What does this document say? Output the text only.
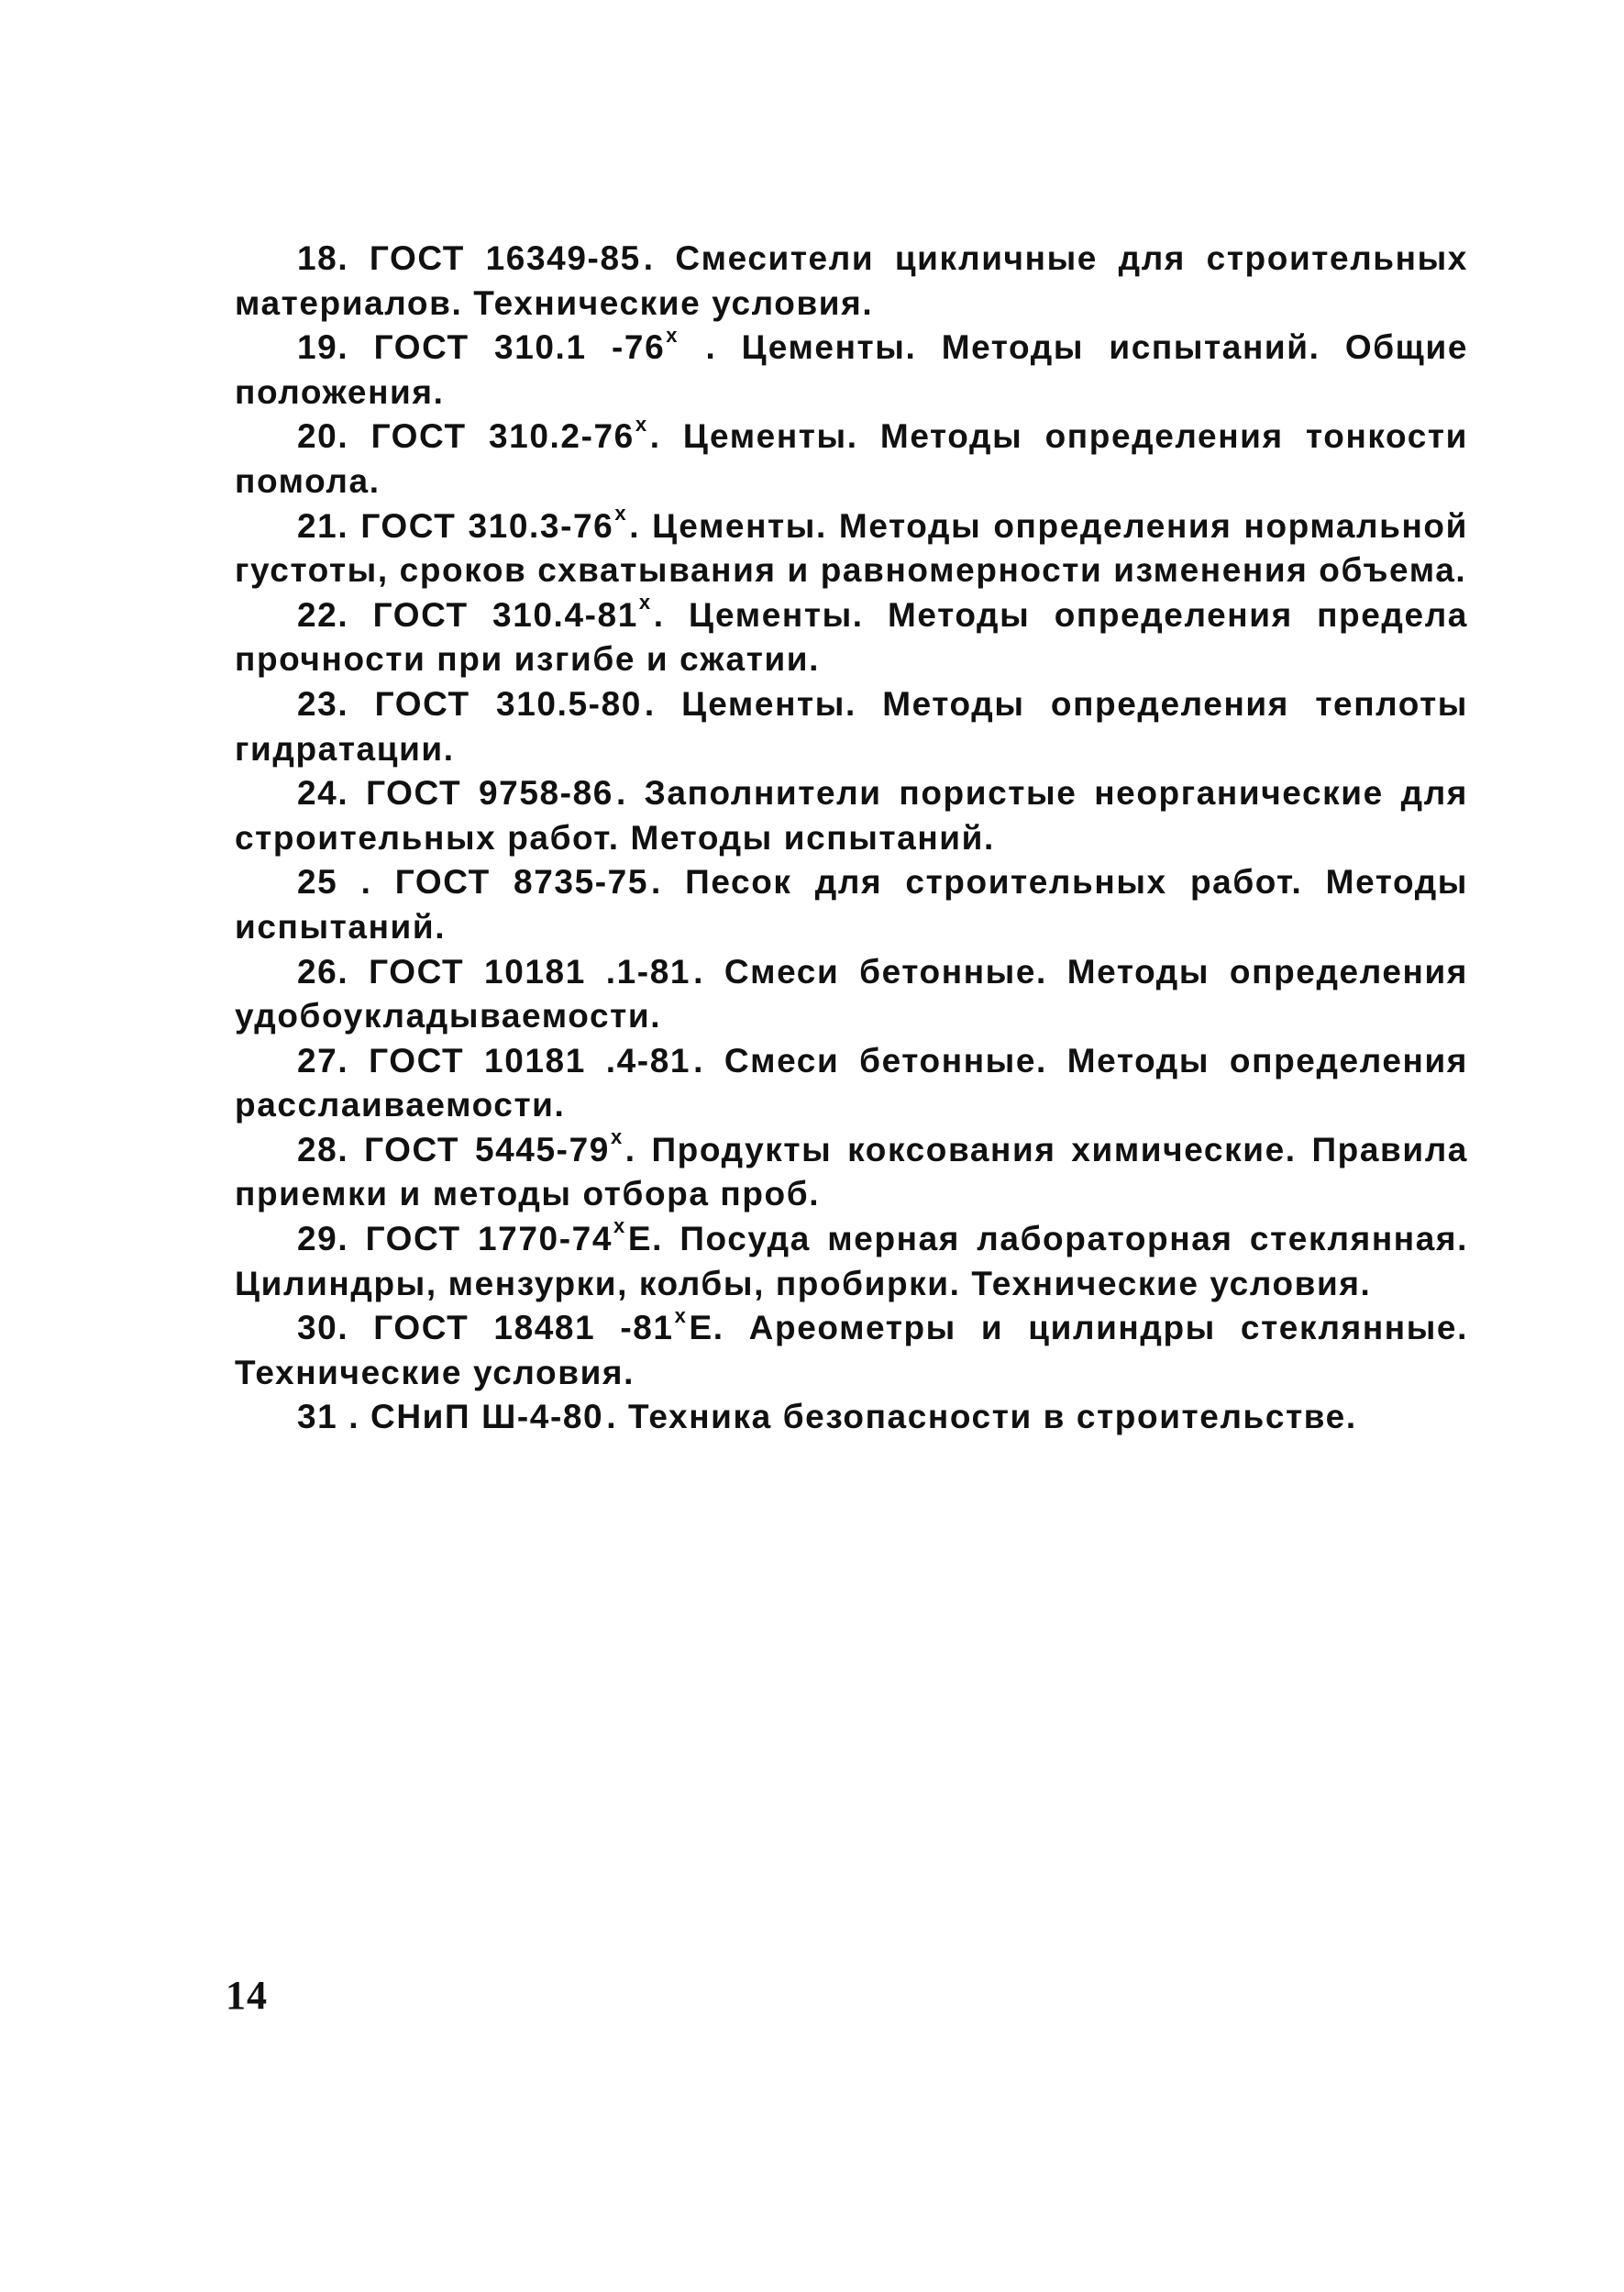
18. ГОСТ 16349-85. Смесители цикличные для строительных материалов. Технические условия.

19. ГОСТ 310.1 $-76^х$ . Цементы. Методы испытаний. Общие положения.

20. ГОСТ $310.2-76^х$. Цементы. Методы определения тонкости помола.

21. ГОСТ $310.3-76^х$. Цементы. Методы определения нормальной густоты, сроков схватывания и равномерности изменения объема.

22. ГОСТ $310.4-81^х$. Цементы. Методы определения предела прочности при изгибе и сжатии.

23. ГОСТ 310.5-80. Цементы. Методы определения теплоты гидратации.

24. ГОСТ 9758-86. Заполнители пористые неорганические для строительных работ. Методы испытаний.

25 . ГОСТ 8735-75. Песок для строительных работ. Методы испытаний.

26. ГОСТ 10181 .1-81. Смеси бетонные. Методы определения удобоукладываемости.

27. ГОСТ 10181 .4-81. Смеси бетонные. Методы определения расслаиваемости.

28. ГОСТ $5445-79^х$. Продукты коксования химические. Правила приемки и методы отбора проб.

29. ГОСТ $1770-74^хЕ$. Посуда мерная лабораторная стеклянная. Цилиндры, мензурки, колбы, пробирки. Технические условия.

30. ГОСТ 18481 $-81^хЕ$. Ареометры и цилиндры стеклянные. Технические условия.

31 . СНиП Ш-4-80. Техника безопасности в строительстве.

14
